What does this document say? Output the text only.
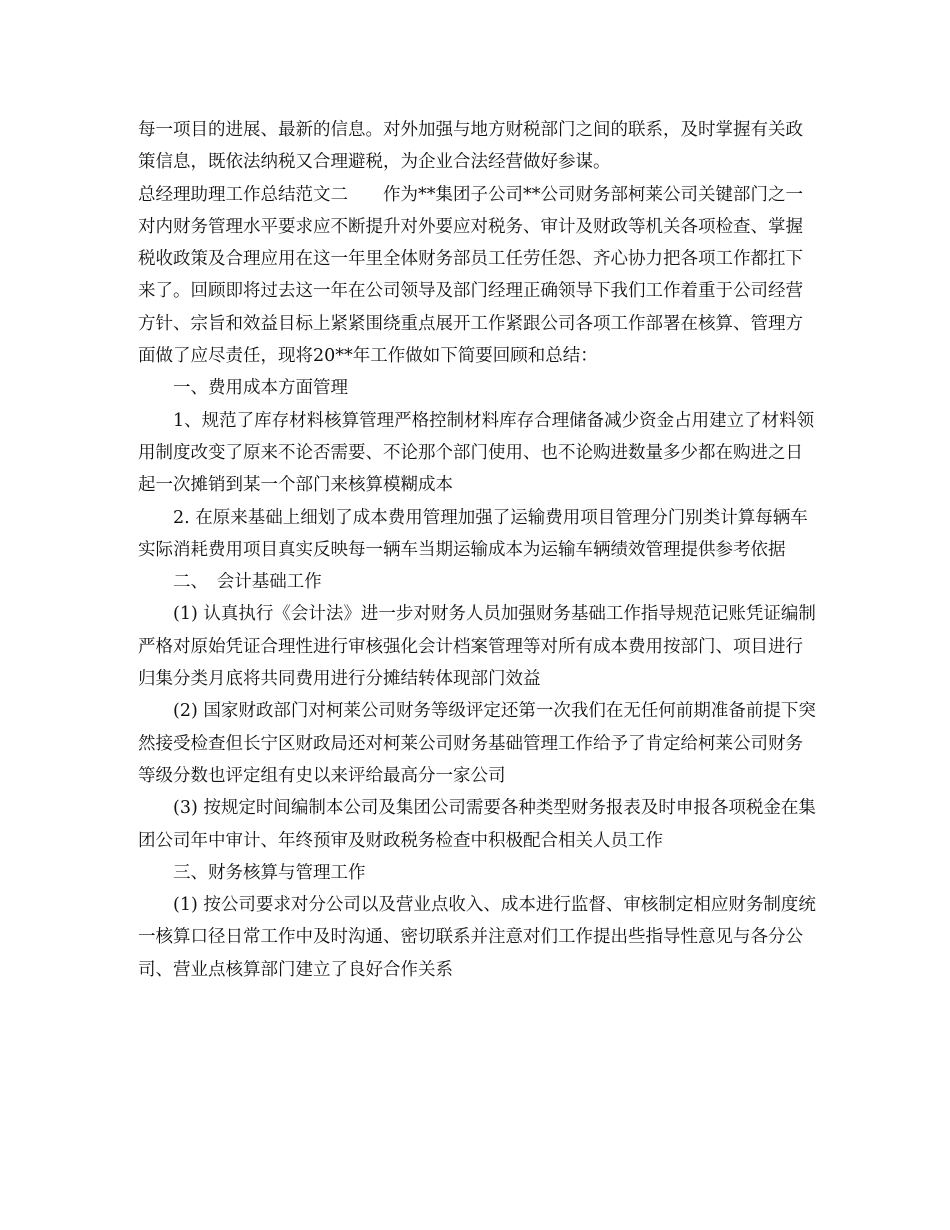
每一项目的进展、最新的信息。对外加强与地方财税部门之间的联系，及时掌握有关政策信息，既依法纳税又合理避税，为企业合法经营做好参谋。

总经理助理工作总结范文二　　作为**集团子公司**公司财务部柯莱公司关键部门之一对内财务管理水平要求应不断提升对外要应对税务、审计及财政等机关各项检查、掌握税收政策及合理应用在这一年里全体财务部员工任劳任怨、齐心协力把各项工作都扛下来了。回顾即将过去这一年在公司领导及部门经理正确领导下我们工作着重于公司经营方针、宗旨和效益目标上紧紧围绕重点展开工作紧跟公司各项工作部署在核算、管理方面做了应尽责任，现将20**年工作做如下简要回顾和总结：

一、费用成本方面管理

1、规范了库存材料核算管理严格控制材料库存合理储备减少资金占用建立了材料领用制度改变了原来不论否需要、不论那个部门使用、也不论购进数量多少都在购进之日起一次摊销到某一个部门来核算模糊成本

2. 在原来基础上细划了成本费用管理加强了运输费用项目管理分门别类计算每辆车实际消耗费用项目真实反映每一辆车当期运输成本为运输车辆绩效管理提供参考依据

二、　会计基础工作

(1) 认真执行《会计法》进一步对财务人员加强财务基础工作指导规范记账凭证编制严格对原始凭证合理性进行审核强化会计档案管理等对所有成本费用按部门、项目进行归集分类月底将共同费用进行分摊结转体现部门效益

(2) 国家财政部门对柯莱公司财务等级评定还第一次我们在无任何前期准备前提下突然接受检查但长宁区财政局还对柯莱公司财务基础管理工作给予了肯定给柯莱公司财务等级分数也评定组有史以来评给最高分一家公司

(3) 按规定时间编制本公司及集团公司需要各种类型财务报表及时申报各项税金在集团公司年中审计、年终预审及财政税务检查中积极配合相关人员工作

三、财务核算与管理工作

(1) 按公司要求对分公司以及营业点收入、成本进行监督、审核制定相应财务制度统一核算口径日常工作中及时沟通、密切联系并注意对们工作提出些指导性意见与各分公司、营业点核算部门建立了良好合作关系
